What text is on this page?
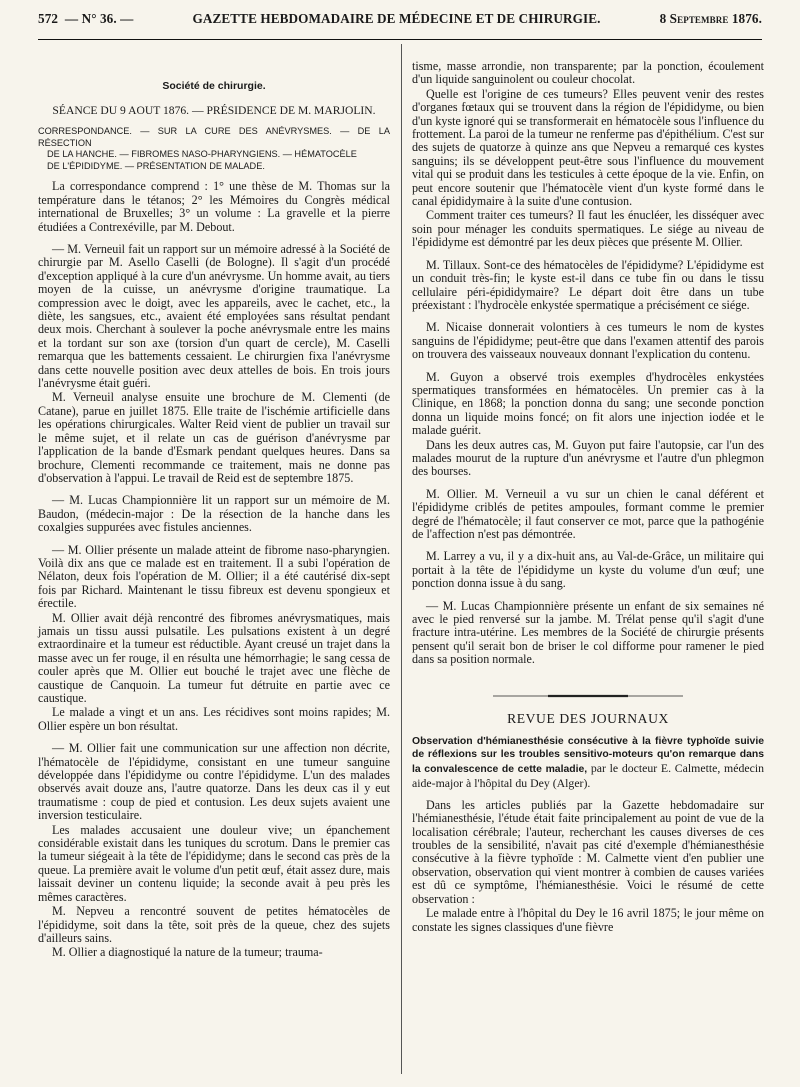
572 — N° 36. —	GAZETTE HEBDOMADAIRE DE MÉDECINE ET DE CHIRURGIE.	8 Septembre 1876.
Société de chirurgie.
SÉANCE DU 9 AOUT 1876. — PRÉSIDENCE DE M. MARJOLIN.
CORRESPONDANCE. — SUR LA CURE DES ANÉVRYSMES. — DE LA RÉSECTION
DE LA HANCHE. — FIBROMES NASO-PHARYNGIENS. — HÉMATOCÈLE
DE L'ÉPIDIDYME. — PRÉSENTATION DE MALADE.

La correspondance comprend : 1° une thèse de M. Thomas sur la température dans le tétanos; 2° les Mémoires du Congrès médical international de Bruxelles; 3° un volume : La gravelle et la pierre étudiées a Contrexéville, par M. Debout.

— M. Verneuil fait un rapport sur un mémoire adressé à la Société de chirurgie par M. Asello Caselli (de Bologne). Il s'agit d'un procédé d'exception appliqué à la cure d'un anévrysme. Un homme avait, au tiers moyen de la cuisse, un anévrysme d'origine traumatique. La compression avec le doigt, avec les appareils, avec le cachet, etc., la diète, les sangsues, etc., avaient été employées sans résultat pendant deux mois. Cherchant à soulever la poche anévrysmale entre les mains et la tordant sur son axe (torsion d'un quart de cercle), M. Caselli remarqua que les battements cessaient. Le chirurgien fixa l'anévrysme dans cette nouvelle position avec deux attelles de bois. En trois jours l'anévrysme était guéri.

M. Verneuil analyse ensuite une brochure de M. Clementi (de Catane), parue en juillet 1875. Elle traite de l'ischémie artificielle dans les opérations chirurgicales. Walter Reid vient de publier un travail sur le même sujet, et il relate un cas de guérison d'anévrysme par l'application de la bande d'Esmark pendant quelques heures. Dans sa brochure, Clementi recommande ce traitement, mais ne donne pas d'observation à l'appui. Le travail de Reid est de septembre 1875.

— M. Lucas Championnière lit un rapport sur un mémoire de M. Baudon, (médecin-major : De la résection de la hanche dans les coxalgies suppurées avec fistules anciennes.

— M. Ollier présente un malade atteint de fibrome naso-pharyngien. Voilà dix ans que ce malade est en traitement. Il a subi l'opération de Nélaton, deux fois l'opération de M. Ollier; il a été cautérisé dix-sept fois par Richard. Maintenant le tissu fibreux est devenu spongieux et érectile.

M. Ollier avait déjà rencontré des fibromes anévrysmatiques, mais jamais un tissu aussi pulsatile. Les pulsations existent à un degré extraordinaire et la tumeur est réductible. Ayant creusé un trajet dans la masse avec un fer rouge, il en résulta une hémorrhagie; le sang cessa de couler après que M. Ollier eut bouché le trajet avec une flèche de caustique de Canquoin. La tumeur fut détruite en partie avec ce caustique.

Le malade a vingt et un ans. Les récidives sont moins rapides; M. Ollier espère un bon résultat.

— M. Ollier fait une communication sur une affection non décrite, l'hématocèle de l'épididyme, consistant en une tumeur sanguine développée dans l'épididyme ou contre l'épididyme. L'un des malades observés avait douze ans, l'autre quatorze. Dans les deux cas il y eut traumatisme : coup de pied et contusion. Les deux sujets avaient une inversion testiculaire.

Les malades accusaient une douleur vive; un épanchement considérable existait dans les tuniques du scrotum. Dans le premier cas la tumeur siégeait à la tête de l'épididyme; dans le second cas près de la queue. La première avait le volume d'un petit œuf, était assez dure, mais laissait deviner un contenu liquide; la seconde avait à peu près les mêmes caractères.

M. Nepveu a rencontré souvent de petites hématocèles de l'épididyme, soit dans la tête, soit près de la queue, chez des sujets d'ailleurs sains.

M. Ollier a diagnostiqué la nature de la tumeur; trauma-

tisme, masse arrondie, non transparente; par la ponction, écoulement d'un liquide sanguinolent ou couleur chocolat.

Quelle est l'origine de ces tumeurs? Elles peuvent venir des restes d'organes fœtaux qui se trouvent dans la région de l'épididyme, ou bien d'un kyste ignoré qui se transformerait en hématocèle sous l'influence du frottement. La paroi de la tumeur ne renferme pas d'épithélium. C'est sur des sujets de quatorze à quinze ans que Nepveu a remarqué ces kystes sanguins; ils se développent peut-être sous l'influence du mouvement vital qui se produit dans les testicules à cette époque de la vie. Enfin, on peut encore soutenir que l'hématocèle vient d'un kyste formé dans le canal épididymaire à la suite d'une contusion.

Comment traiter ces tumeurs? Il faut les énucléer, les disséquer avec soin pour ménager les conduits spermatiques. Le siége au niveau de l'épididyme est démontré par les deux pièces que présente M. Ollier.

M. Tillaux. Sont-ce des hématocèles de l'épididyme? L'épididyme est un conduit très-fin; le kyste est-il dans ce tube fin ou dans le tissu cellulaire péri-épididymaire? Le départ doit être dans un tube préexistant : l'hydrocèle enkystée spermatique a précisément ce siége.

M. Nicaise donnerait volontiers à ces tumeurs le nom de kystes sanguins de l'épididyme; peut-être que dans l'examen attentif des parois on trouvera des vaisseaux nouveaux donnant l'explication du contenu.

M. Guyon a observé trois exemples d'hydrocèles enkystées spermatiques transformées en hématocèles. Un premier cas à la Clinique, en 1868; la ponction donna du sang; une seconde ponction donna un liquide moins foncé; on fit alors une injection iodée et le malade guérit.

Dans les deux autres cas, M. Guyon put faire l'autopsie, car l'un des malades mourut de la rupture d'un anévrysme et l'autre d'un phlegmon des bourses.

M. Ollier. M. Verneuil a vu sur un chien le canal déférent et l'épididyme criblés de petites ampoules, formant comme le premier degré de l'hématocèle; il faut conserver ce mot, parce que la pathogénie de l'affection n'est pas démontrée.

M. Larrey a vu, il y a dix-huit ans, au Val-de-Grâce, un militaire qui portait à la tête de l'épididyme un kyste du volume d'un œuf; une ponction donna issue à du sang.

— M. Lucas Championnière présente un enfant de six semaines né avec le pied renversé sur la jambe. M. Trélat pense qu'il s'agit d'une fracture intra-utérine. Les membres de la Société de chirurgie présents pensent qu'il serait bon de briser le col difforme pour ramener le pied dans sa position normale.

REVUE DES JOURNAUX
Observation d'hémianesthésie consécutive à la fièvre typhoïde suivie de réflexions sur les troubles sensitivo-moteurs qu'on remarque dans la convalescence de cette maladie, par le docteur E. Calmette, médecin aide-major à l'hôpital du Dey (Alger).

Dans les articles publiés par la Gazette hebdomadaire sur l'hémianesthésie, l'étude était faite principalement au point de vue de la localisation cérébrale; l'auteur, recherchant les causes diverses de ces troubles de la sensibilité, n'avait pas cité d'exemple d'hémianesthésie consécutive à la fièvre typhoïde : M. Calmette vient d'en publier une observation, observation qui vient montrer à combien de causes variées est dû ce symptôme, l'hémianesthésie. Voici le résumé de cette observation :

Le malade entre à l'hôpital du Dey le 16 avril 1875; le jour même on constate les signes classiques d'une fièvre
